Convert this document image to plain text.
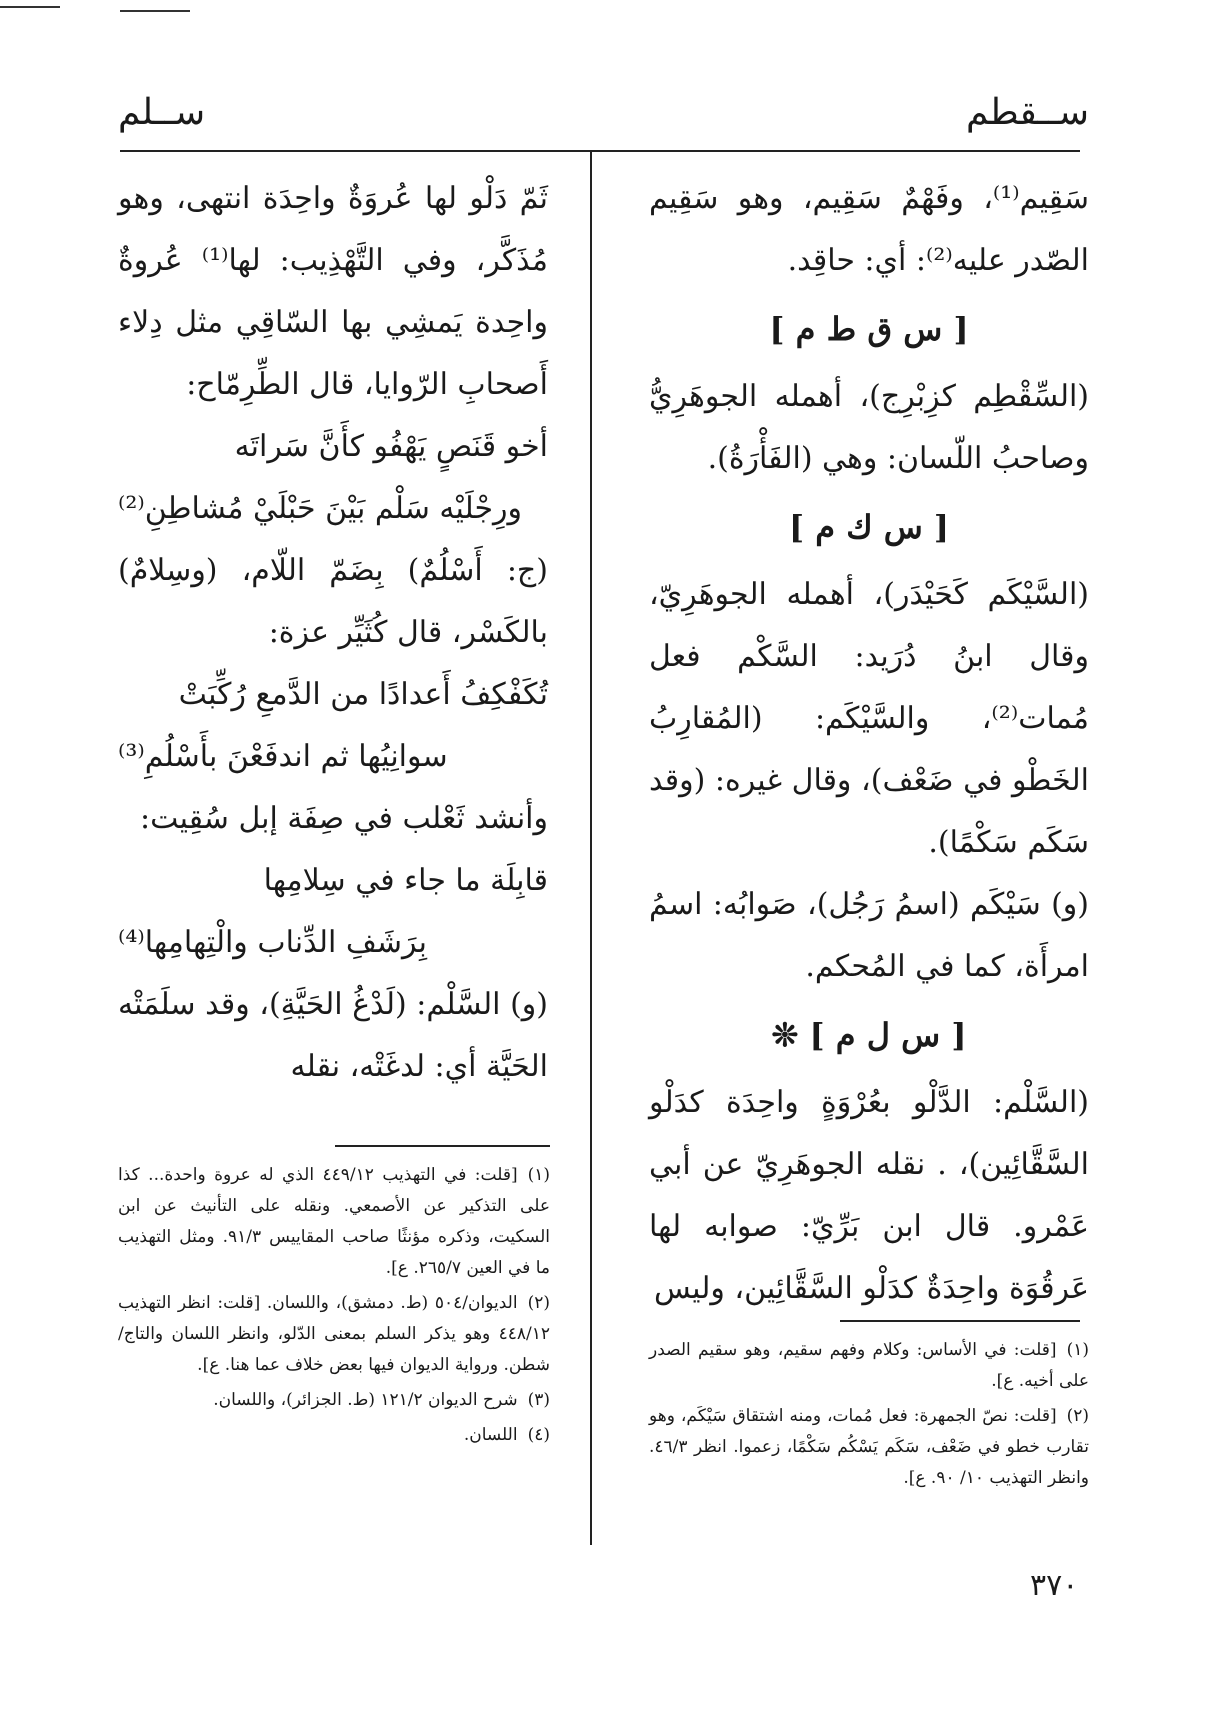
ســقطم
ســلم

سَقِيم⁽¹⁾، وفَهْمٌ سَقِيم، وهو سَقِيم الصّدر عليه⁽²⁾: أي: حاقِد.

[ س ق ط م ]

(السِّقْطِم كزِبْرِج)، أهمله الجوهَرِيُّ وصاحبُ اللّسان: وهي (الفَأْرَةُ).

[ س ك م ]

(السَّيْكَم كَحَيْدَر)، أهمله الجوهَرِيّ، وقال ابنُ دُرَيد: السَّكْم فعل مُمات⁽²⁾، والسَّيْكَم: (المُقارِبُ الخَطْو في ضَعْف)، وقال غيره: (وقد سَكَم سَكْمًا).

(و) سَيْكَم (اسمُ رَجُل)، صَوابُه: اسمُ امرأَة، كما في المُحكم.

[ س ل م ] ❊

(السَّلْم: الدَّلْو بعُرْوَةٍ واحِدَة كدَلْو السَّقَّائِين)، . نقله الجوهَرِيّ عن أبي عَمْرو. قال ابن بَرِّيّ: صوابه لها عَرقُوَة واحِدَةٌ كدَلْو السَّقَّائِين، وليس

ثَمّ دَلْو لها عُروَةٌ واحِدَة انتهى، وهو مُذَكَّر، وفي التَّهْذِيب: لها⁽¹⁾ عُروةٌ واحِدة يَمشِي بها السّاقِي مثل دِلاء أَصحابِ الرّوايا، قال الطِّرِمّاح:

أخو قَنَصٍ يَهْفُو كأَنَّ سَراتَه
ورِجْلَيْه سَلْم بَيْنَ حَبْلَيْ مُشاطِنِ⁽²⁾

(ج: أَسْلُمٌ) بِضَمّ اللّام، (وسِلامٌ) بالكَسْر، قال كُثَيِّر عزة:

تُكَفْكِفُ أَعدادًا من الدَّمعِ رُكِّبَتْ
سوانِيُها ثم اندفَعْنَ بأَسْلُمِ⁽³⁾

وأنشد ثَعْلب في صِفَة إبل سُقِيت:

قابِلَة ما جاء في سِلامِها
بِرَشَفِ الدِّناب والْتِهامِها⁽⁴⁾

(و) السَّلْم: (لَدْغُ الحَيَّةِ)، وقد سلَمَتْه الحَيَّة أي: لدغَتْه، نقله

(١)[قلت: في الأساس: وكلام وفهم سقيم، وهو سقيم الصدر على أخيه. ع].

(٢)[قلت: نصّ الجمهرة: فعل مُمات، ومنه اشتقاق سَيْكَم، وهو تقارب خطو في ضَعْف، سَكَم يَسْكُم سَكْمًا، زعموا. انظر ٤٦/٣. وانظر التهذيب ١٠/ ٩٠. ع].

(١)[قلت: في التهذيب ٤٤٩/١٢ الذي له عروة واحدة... كذا على التذكير عن الأصمعي. ونقله على التأنيث عن ابن السكيت، وذكره مؤنثًا صاحب المقاييس ٩١/٣. ومثل التهذيب ما في العين ٢٦٥/٧. ع].

(٢)الديوان/٥٠٤ (ط. دمشق)، واللسان. [قلت: انظر التهذيب ٤٤٨/١٢ وهو يذكر السلم بمعنى الدّلو، وانظر اللسان والتاج/ شطن. ورواية الديوان فيها بعض خلاف عما هنا. ع].

(٣)شرح الديوان ١٢١/٢ (ط. الجزائر)، واللسان.

(٤)اللسان.

٣٧٠
